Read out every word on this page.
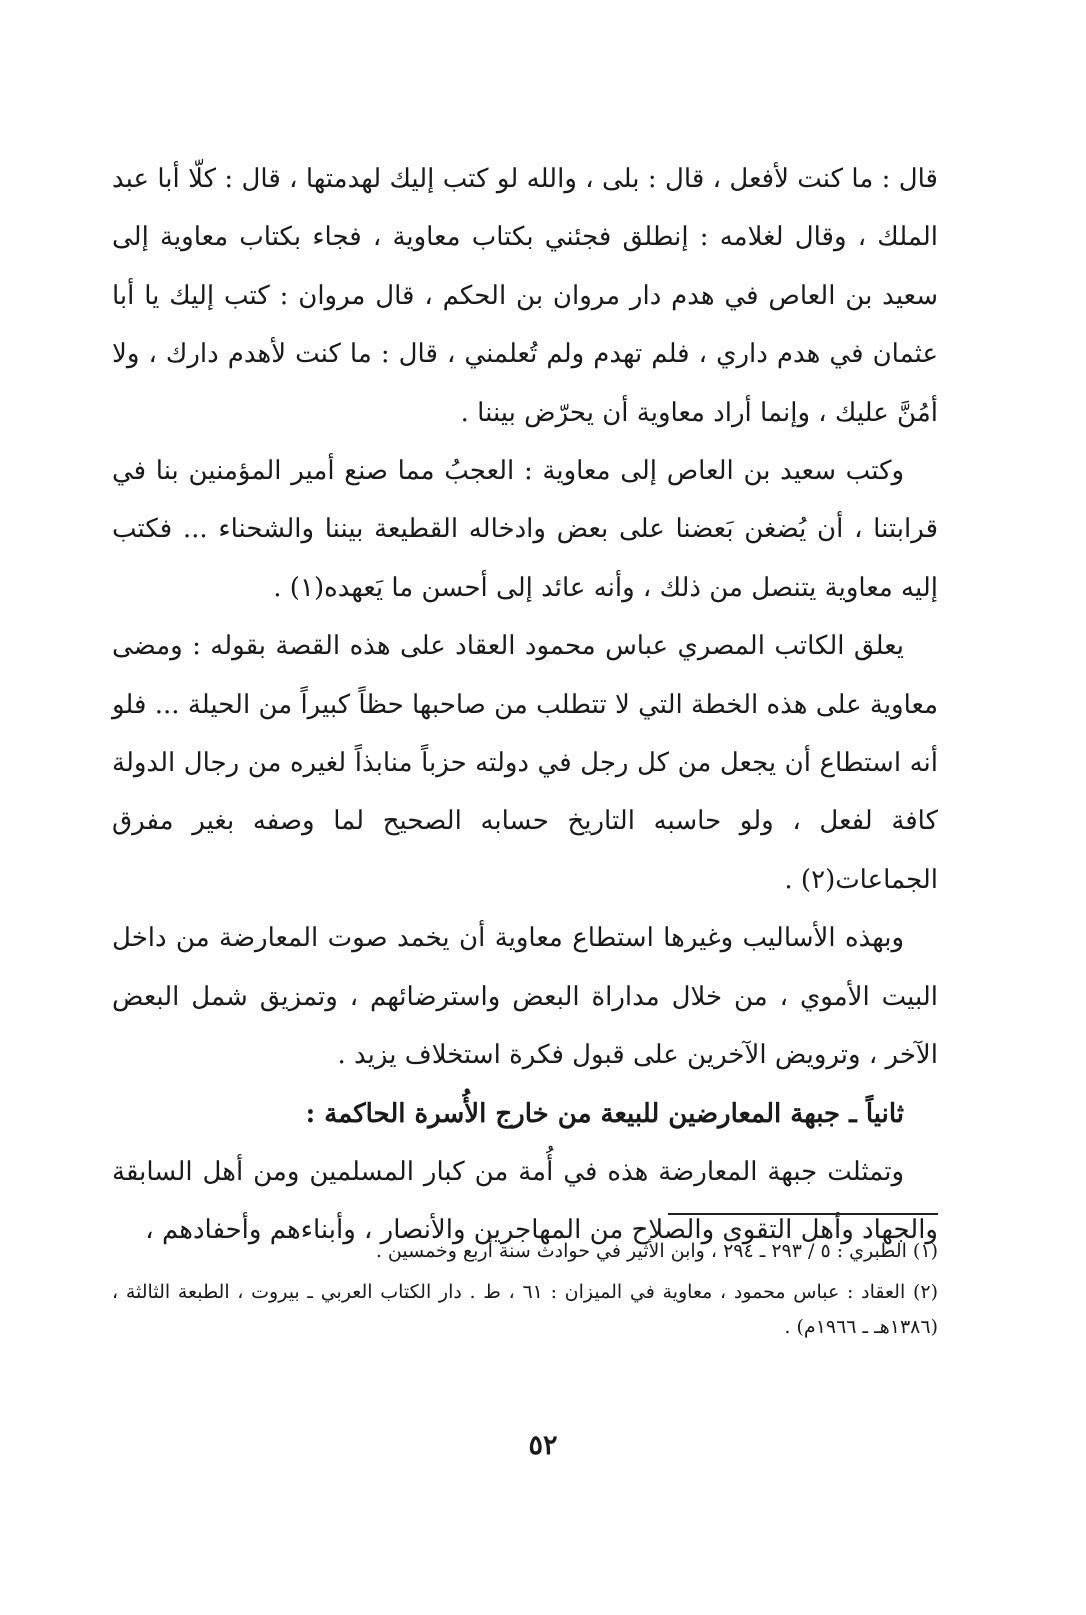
قال : ما كنت لأفعل ، قال : بلى ، والله لو كتب إليك لهدمتها ، قال : كلّا أبا عبد الملك ، وقال لغلامه : إنطلق فجئني بكتاب معاوية ، فجاء بكتاب معاوية إلى سعيد بن العاص في هدم دار مروان بن الحكم ، قال مروان : كتب إليك يا أبا عثمان في هدم داري ، فلم تهدم ولم تُعلمني ، قال : ما كنت لأهدم دارك ، ولا أمُنَّ عليك ، وإنما أراد معاوية أن يحرّض بيننا .

وكتب سعيد بن العاص إلى معاوية : العجبُ مما صنع أمير المؤمنين بنا في قرابتنا ، أن يُضغن بَعضنا على بعض وادخاله القطيعة بيننا والشحناء ... فكتب إليه معاوية يتنصل من ذلك ، وأنه عائد إلى أحسن ما يَعهده(١) .

يعلق الكاتب المصري عباس محمود العقاد على هذه القصة بقوله : ومضى معاوية على هذه الخطة التي لا تتطلب من صاحبها حظاً كبيراً من الحيلة ... فلو أنه استطاع أن يجعل من كل رجل في دولته حزباً منابذاً لغيره من رجال الدولة كافة لفعل ، ولو حاسبه التاريخ حسابه الصحيح لما وصفه بغير مفرق الجماعات(٢) .

وبهذه الأساليب وغيرها استطاع معاوية أن يخمد صوت المعارضة من داخل البيت الأموي ، من خلال مداراة البعض واسترضائهم ، وتمزيق شمل البعض الآخر ، وترويض الآخرين على قبول فكرة استخلاف يزيد .

ثانياً ـ جبهة المعارضين للبيعة من خارج الأُسرة الحاكمة :

وتمثلت جبهة المعارضة هذه في أُمة من كبار المسلمين ومن أهل السابقة والجهاد وأهل التقوى والصلاح من المهاجرين والأنصار ، وأبناءهم وأحفادهم ،

(١) الطبري : ٥ / ٢٩٣ ـ ٢٩٤ ، وابن الأثير في حوادث سنة أربع وخمسين .

(٢) العقاد : عباس محمود ، معاوية في الميزان : ٦١ ، ط . دار الكتاب العربي ـ بيروت ، الطبعة الثالثة ، (١٣٨٦هـ ـ ١٩٦٦م) .

٥٢
